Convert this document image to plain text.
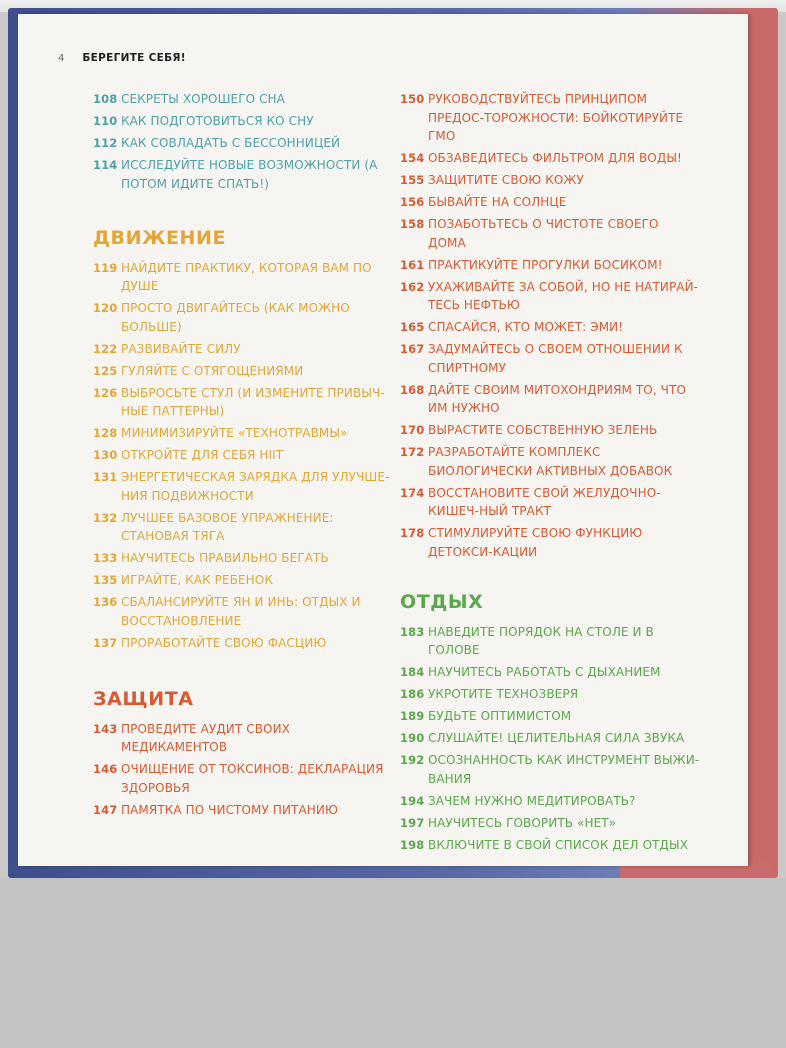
4 БЕРЕГИТЕ СЕБЯ!
108 СЕКРЕТЫ ХОРОШЕГО СНА
110 КАК ПОДГОТОВИТЬСЯ КО СНУ
112 КАК СОВЛАДАТЬ С БЕССОННИЦЕЙ
114 ИССЛЕДУЙТЕ НОВЫЕ ВОЗМОЖНОСТИ (А ПОТОМ ИДИТЕ СПАТЬ!)
ДВИЖЕНИЕ
119 НАЙДИТЕ ПРАКТИКУ, КОТОРАЯ ВАМ ПО ДУШЕ
120 ПРОСТО ДВИГАЙТЕСЬ (КАК МОЖНО БОЛЬШЕ)
122 РАЗВИВАЙТЕ СИЛУ
125 ГУЛЯЙТЕ С ОТЯГОЩЕНИЯМИ
126 ВЫБРОСЬТЕ СТУЛ (И ИЗМЕНИТЕ ПРИВЫЧ-НЫЕ ПАТТЕРНЫ)
128 МИНИМИЗИРУЙТЕ «ТЕХНОТРАВМЫ»
130 ОТКРОЙТЕ ДЛЯ СЕБЯ HIIT
131 ЭНЕРГЕТИЧЕСКАЯ ЗАРЯДКА ДЛЯ УЛУЧШЕ-НИЯ ПОДВИЖНОСТИ
132 ЛУЧШЕЕ БАЗОВОЕ УПРАЖНЕНИЕ: СТАНОВАЯ ТЯГА
133 НАУЧИТЕСЬ ПРАВИЛЬНО БЕГАТЬ
135 ИГРАЙТЕ, КАК РЕБЕНОК
136 СБАЛАНСИРУЙТЕ ЯН И ИНЬ: ОТДЫХ И ВОССТАНОВЛЕНИЕ
137 ПРОРАБОТАЙТЕ СВОЮ ФАСЦИЮ
ЗАЩИТА
143 ПРОВЕДИТЕ АУДИТ СВОИХ МЕДИКАМЕНТОВ
146 ОЧИЩЕНИЕ ОТ ТОКСИНОВ: ДЕКЛАРАЦИЯ ЗДОРОВЬЯ
147 ПАМЯТКА ПО ЧИСТОМУ ПИТАНИЮ
150 РУКОВОДСТВУЙТЕСЬ ПРИНЦИПОМ ПРЕДОС-ТОРОЖНОСТИ: БОЙКОТИРУЙТЕ ГМО
154 ОБЗАВЕДИТЕСЬ ФИЛЬТРОМ ДЛЯ ВОДЫ!
155 ЗАЩИТИТЕ СВОЮ КОЖУ
156 БЫВАЙТЕ НА СОЛНЦЕ
158 ПОЗАБОТЬТЕСЬ О ЧИСТОТЕ СВОЕГО ДОМА
161 ПРАКТИКУЙТЕ ПРОГУЛКИ БОСИКОМ!
162 УХАЖИВАЙТЕ ЗА СОБОЙ, НО НЕ НАТИРАЙ-ТЕСЬ НЕФТЬЮ
165 СПАСАЙСЯ, КТО МОЖЕТ: ЭМИ!
167 ЗАДУМАЙТЕСЬ О СВОЕМ ОТНОШЕНИИ К СПИРТНОМУ
168 ДАЙТЕ СВОИМ МИТОХОНДРИЯМ ТО, ЧТО ИМ НУЖНО
170 ВЫРАСТИТЕ СОБСТВЕННУЮ ЗЕЛЕНЬ
172 РАЗРАБОТАЙТЕ КОМПЛЕКС БИОЛОГИЧЕСКИ АКТИВНЫХ ДОБАВОК
174 ВОССТАНОВИТЕ СВОЙ ЖЕЛУДОЧНО-КИШЕЧ-НЫЙ ТРАКТ
178 СТИМУЛИРУЙТЕ СВОЮ ФУНКЦИЮ ДЕТОКСИ-КАЦИИ
ОТДЫХ
183 НАВЕДИТЕ ПОРЯДОК НА СТОЛЕ И В ГОЛОВЕ
184 НАУЧИТЕСЬ РАБОТАТЬ С ДЫХАНИЕМ
186 УКРОТИТЕ ТЕХНОЗВЕРЯ
189 БУДЬТЕ ОПТИМИСТОМ
190 СЛУШАЙТЕ! ЦЕЛИТЕЛЬНАЯ СИЛА ЗВУКА
192 ОСОЗНАННОСТЬ КАК ИНСТРУМЕНТ ВЫЖИ-ВАНИЯ
194 ЗАЧЕМ НУЖНО МЕДИТИРОВАТЬ?
197 НАУЧИТЕСЬ ГОВОРИТЬ «НЕТ»
198 ВКЛЮЧИТЕ В СВОЙ СПИСОК ДЕЛ ОТДЫХ
